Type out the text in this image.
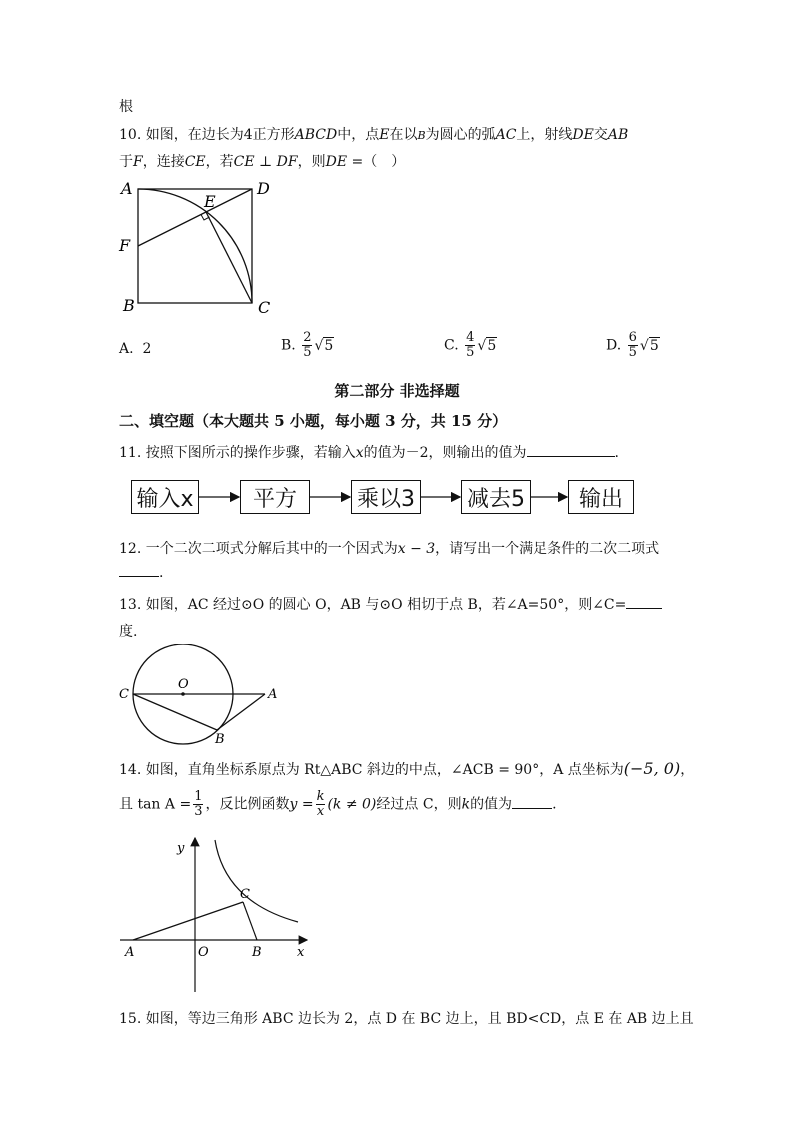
根
10. 如图，在边长为4正方形ABCD中，点E在以B为圆心的弧AC上，射线DE交AB
于F，连接CE，若CE ⊥ DF，则DE =（　）
A	D
E
F
B	C
A. 2	B. $\frac{2}{5} √5$	C. $\frac{4}{5} √5$	D. $\frac{6}{5} √5$
第二部分 非选择题
二、填空题（本大题共 5 小题，每小题 3 分，共 15 分）
11. 按照下图所示的操作步骤，若输入x的值为－2，则输出的值为	.
输入x	平方	乘以3 减去5	输出
12. 一个二次二项式分解后其中的一个因式为x − 3，请写出一个满足条件的二次二项式
.
13. 如图，AC 经过⊙O 的圆心 O，AB 与⊙O 相切于点 B，若∠A=50°，则∠C=
度.
C
O
A
B
14. 如图，直角坐标系原点为 Rt△ABC 斜边的中点，∠ACB = 90°，A 点坐标为(−5, 0)，
且 $\tan A = \frac{1}{3}$ ，反比例函数$y = \frac{k}{x} (k \ne 0)$经过点 C，则k的值为	.
y
x
A	O	B
C
15. 如图，等边三角形 ABC 边长为 2，点 D 在 BC 边上，且 BD<CD，点 E 在 AB 边上且
